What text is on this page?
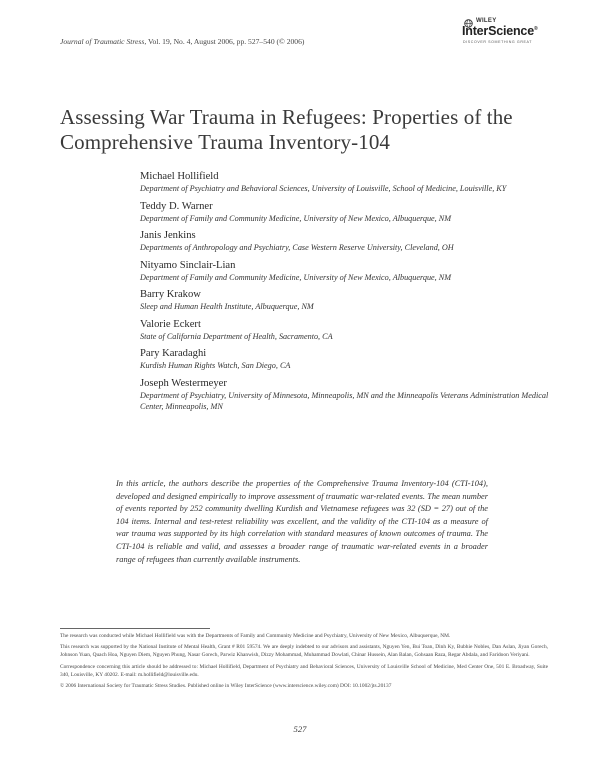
Journal of Traumatic Stress, Vol. 19, No. 4, August 2006, pp. 527–540 (© 2006)
WILEY
InterScience®
DISCOVER SOMETHING GREAT
Assessing War Trauma in Refugees: Properties of the Comprehensive Trauma Inventory-104
Michael Hollifield
Department of Psychiatry and Behavioral Sciences, University of Louisville, School of Medicine, Louisville, KY
Teddy D. Warner
Department of Family and Community Medicine, University of New Mexico, Albuquerque, NM
Janis Jenkins
Departments of Anthropology and Psychiatry, Case Western Reserve University, Cleveland, OH
Nityamo Sinclair-Lian
Department of Family and Community Medicine, University of New Mexico, Albuquerque, NM
Barry Krakow
Sleep and Human Health Institute, Albuquerque, NM
Valorie Eckert
State of California Department of Health, Sacramento, CA
Pary Karadaghi
Kurdish Human Rights Watch, San Diego, CA
Joseph Westermeyer
Department of Psychiatry, University of Minnesota, Minneapolis, MN and the Minneapolis Veterans Administration Medical Center, Minneapolis, MN

In this article, the authors describe the properties of the Comprehensive Trauma Inventory-104 (CTI-104), developed and designed empirically to improve assessment of traumatic war-related events. The mean number of events reported by 252 community dwelling Kurdish and Vietnamese refugees was 32 (SD = 27) out of the 104 items. Internal and test-retest reliability was excellent, and the validity of the CTI-104 as a measure of war trauma was supported by its high correlation with standard measures of known outcomes of trauma. The CTI-104 is reliable and valid, and assesses a broader range of traumatic war-related events in a broader range of refugees than currently available instruments.

The research was conducted while Michael Hollifield was with the Departments of Family and Community Medicine and Psychiatry, University of New Mexico, Albuquerque, NM.

This research was supported by the National Institute of Mental Health, Grant # R01 59574. We are deeply indebted to our advisors and assistants, Nguyen Yen, Bui Toan, Dinh Ky, Bubhie Nobles, Dan Aslan, Jiyan Gorech, Johnson Yuan, Quach Hoa, Nguyen Diem, Nguyen Phung, Nasar Gorech, Parwiz Khanwish, Dizzy Mohammad, Muhammad Dowlati, Chinar Hussein, Alan Balan, Gohsaan Raza, Regar Abdala, and Faridoon Veriyani.

Correspondence concerning this article should be addressed to: Michael Hollifield, Department of Psychiatry and Behavioral Sciences, University of Louisville School of Medicine, Med Center One, 501 E. Broadway, Suite 340, Louisville, KY 40202. E-mail: m.hollifield@louisville.edu.

© 2006 International Society for Traumatic Stress Studies. Published online in Wiley InterScience (www.interscience.wiley.com) DOI: 10.1002/jts.20137

527
